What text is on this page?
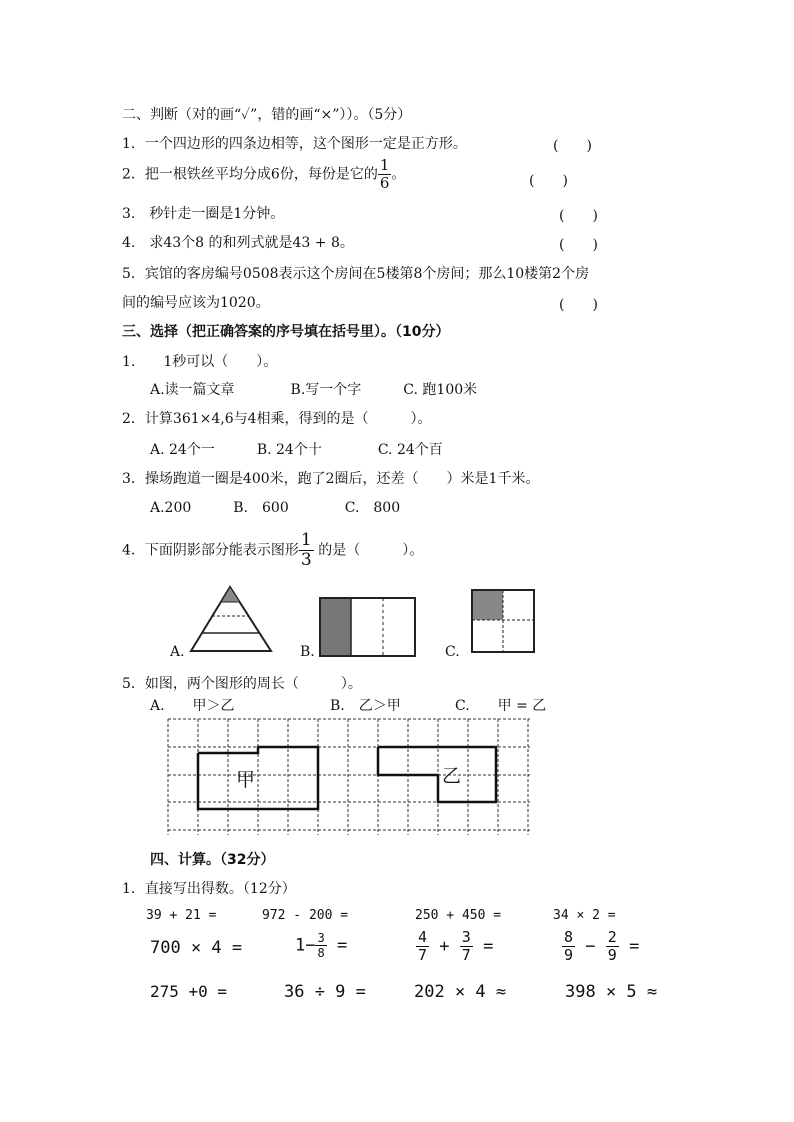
二、判断（对的画“✓”，错的画“×”））。（5分）
1．一个四边形的四条边相等，这个图形一定是正方形。	(　　)
2．把一根铁丝平均分成6份，每份是它的 $\frac{1}{6}$ 。	(　　)
3.　秒针走一圈是1分钟。	(　　)
4.　求43个8 的和列式就是43 + 8。	(　　)
5．宾馆的客房编号0508表示这个房间在5楼第8个房间；那么10楼第2个房
间的编号应该为1020。	(　　)
三、选择（把正确答案的序号填在括号里）。（10分）
1.　　1秒可以（　　）。
A.读一篇文章　　　　B.写一个字　　　C. 跑100米
2．计算361×4,6与4相乘，得到的是（　　　）。
A. 24个一　　　B. 24个十　　　　C. 24个百
3．操场跑道一圈是400米，跑了2圈后，还差（　　）米是1千米。
A.200　　　B.　600　　　　C.　800
4．下面阴影部分能表示图形 $\frac{1}{3}$ 的是（　　　）。
A.	B.	C.
5．如图，两个图形的周长（　　　）。
A.　　甲＞乙	B.　乙＞甲	C.　　甲 = 乙
甲	乙
四、计算。（32分）
1．直接写出得数。（12分）
39 + 21 =	972 - 200 =	250 + 450 =	34 × 2 =
700 × 4 =	$1- \frac{3}{8}$ =	$\frac{4}{7} + \frac{3}{7}$ =	$\frac{8}{9} - \frac{2}{9}$ =
275 +0 =	36 ÷ 9 =	202 × 4 ≈	398 × 5 ≈
